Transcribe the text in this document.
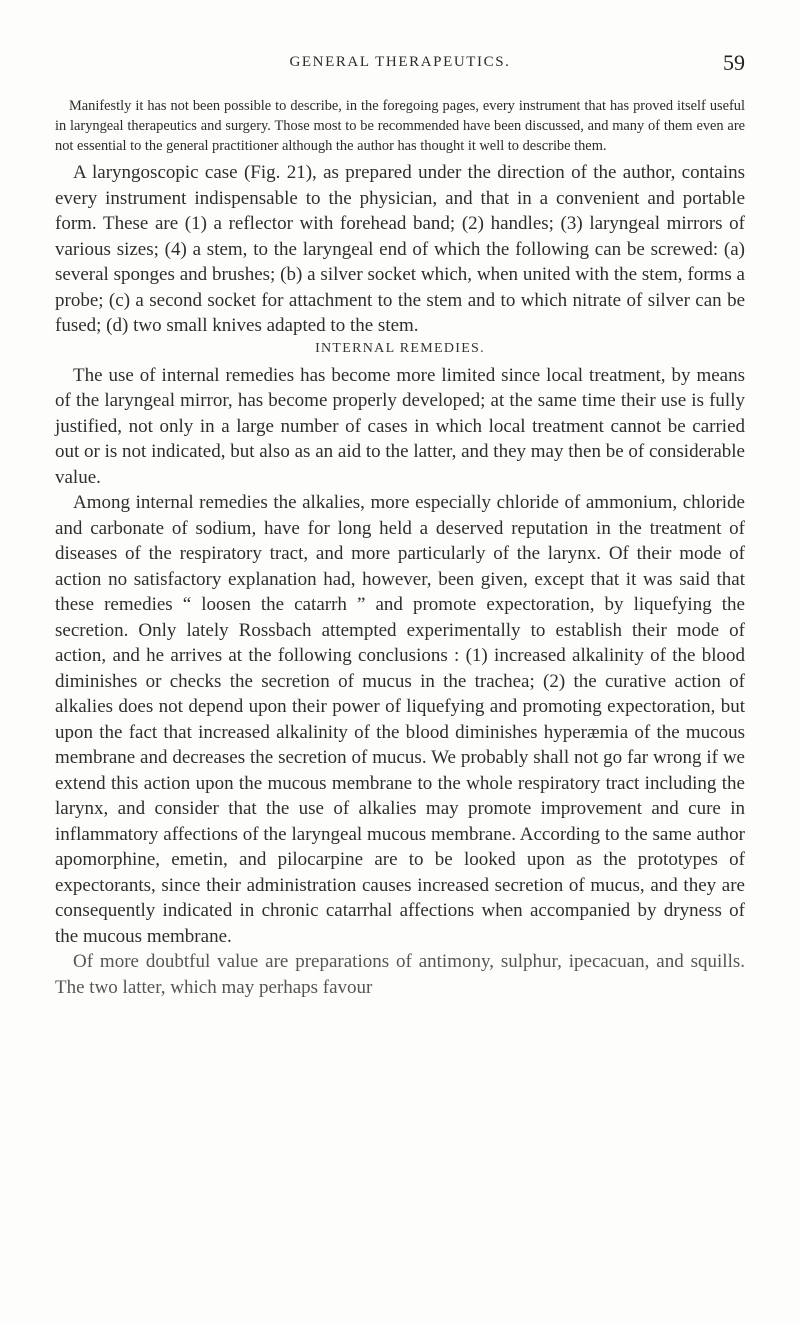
GENERAL THERAPEUTICS.	59

Manifestly it has not been possible to describe, in the foregoing pages, every instrument that has proved itself useful in laryngeal therapeutics and surgery. Those most to be recommended have been discussed, and many of them even are not essential to the general practitioner although the author has thought it well to describe them.

A laryngoscopic case (Fig. 21), as prepared under the direction of the author, contains every instrument indispensable to the physician, and that in a convenient and portable form. These are (1) a reflector with forehead band; (2) handles; (3) laryngeal mirrors of various sizes; (4) a stem, to the laryngeal end of which the following can be screwed: (a) several sponges and brushes; (b) a silver socket which, when united with the stem, forms a probe; (c) a second socket for attachment to the stem and to which nitrate of silver can be fused; (d) two small knives adapted to the stem.

INTERNAL REMEDIES.

The use of internal remedies has become more limited since local treatment, by means of the laryngeal mirror, has become properly developed; at the same time their use is fully justified, not only in a large number of cases in which local treatment cannot be carried out or is not indicated, but also as an aid to the latter, and they may then be of considerable value.

Among internal remedies the alkalies, more especially chloride of ammonium, chloride and carbonate of sodium, have for long held a deserved reputation in the treatment of diseases of the respiratory tract, and more particularly of the larynx. Of their mode of action no satisfactory explanation had, however, been given, except that it was said that these remedies “ loosen the catarrh ” and promote expectoration, by liquefying the secretion. Only lately Rossbach attempted experimentally to establish their mode of action, and he arrives at the following conclusions : (1) increased alkalinity of the blood diminishes or checks the secretion of mucus in the trachea; (2) the curative action of alkalies does not depend upon their power of liquefying and promoting expectoration, but upon the fact that increased alkalinity of the blood diminishes hyperæmia of the mucous membrane and decreases the secretion of mucus. We probably shall not go far wrong if we extend this action upon the mucous membrane to the whole respiratory tract including the larynx, and consider that the use of alkalies may promote improvement and cure in inflammatory affections of the laryngeal mucous membrane. According to the same author apomorphine, emetin, and pilocarpine are to be looked upon as the prototypes of expectorants, since their administration causes increased secretion of mucus, and they are consequently indicated in chronic catarrhal affections when accompanied by dryness of the mucous membrane.

Of more doubtful value are preparations of antimony, sulphur, ipecacuan, and squills. The two latter, which may perhaps favour
